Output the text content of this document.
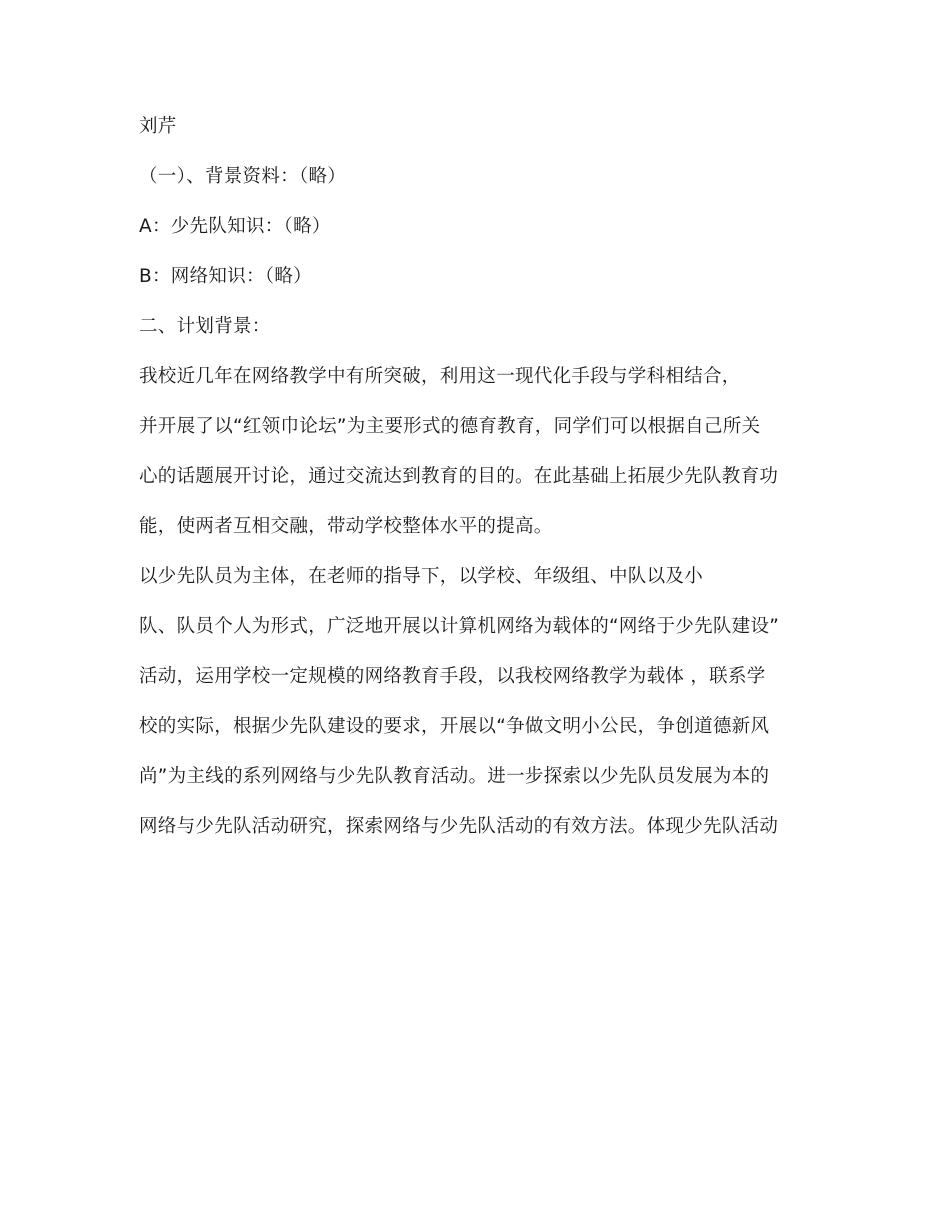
刘芹

（一）、背景资料：（略）

A：少先队知识：（略）

B：网络知识：（略）

二、计划背景：

我校近几年在网络教学中有所突破，利用这一现代化手段与学科相结合，

并开展了以“红领巾论坛”为主要形式的德育教育，同学们可以根据自己所关

心的话题展开讨论，通过交流达到教育的目的。在此基础上拓展少先队教育功

能，使两者互相交融，带动学校整体水平的提高。

以少先队员为主体，在老师的指导下，以学校、年级组、中队以及小

队、队员个人为形式，广泛地开展以计算机网络为载体的“网络于少先队建设”

活动，运用学校一定规模的网络教育手段，以我校网络教学为载体 ，联系学

校的实际，根据少先队建设的要求，开展以“争做文明小公民，争创道德新风

尚”为主线的系列网络与少先队教育活动。进一步探索以少先队员发展为本的

网络与少先队活动研究，探索网络与少先队活动的有效方法。体现少先队活动
